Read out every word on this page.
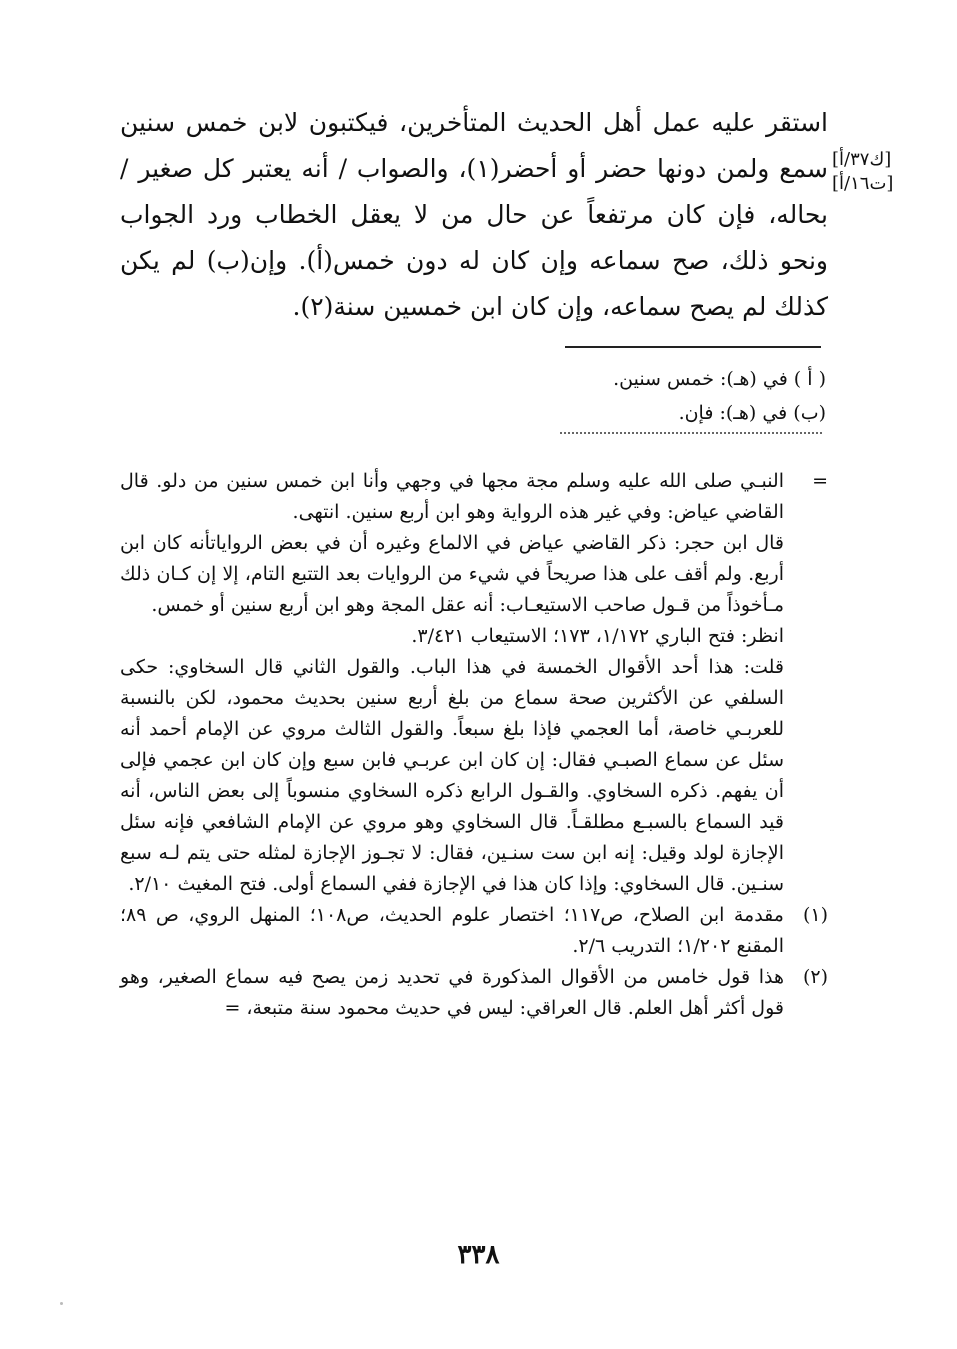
استقر عليه عمل أهل الحديث المتأخرين، فيكتبون لابن خمس سنين سمع ولمن دونها حضر أو أحضر(١)، والصواب / أنه يعتبر كل صغير / بحاله، فإن كان مرتفعاً عن حال من لا يعقل الخطاب ورد الجواب ونحو ذلك، صح سماعه وإن كان له دون خمس(أ). وإن(ب) لم يكن كذلك لم يصح سماعه، وإن كان ابن خمسين سنة(٢).

[ك٣٧/أ]
[ت١٦/أ]
( أ ) في (هـ): خمس سنين.
(ب) في (هـ): فإن.
=

النبـي صلى الله عليه وسلم مجة مجها في وجهي وأنا ابن خمس سنين من دلو. قال القاضي عياض: وفي غير هذه الرواية وهو ابن أربع سنين. انتهى.

قال ابن حجر: ذكر القاضي عياض في الالماع وغيره أن في بعض الرواياتأنه كان ابن أربع. ولم أقف على هذا صريحاً في شيء من الروايات بعد التتبع التام، إلا إن كـان ذلك مـأخوذاً من قـول صاحب الاستيعـاب: أنه عقل المجة وهو ابن أربع سنين أو خمس.

انظر: فتح الباري ١/١٧٢، ١٧٣؛ الاستيعاب ٣/٤٢١.

قلت: هذا أحد الأقوال الخمسة في هذا الباب. والقول الثاني قال السخاوي: حكى السلفي عن الأكثرين صحة سماع من بلغ أربع سنين بحديث محمود، لكن بالنسبة للعربـي خاصة، أما العجمي فإذا بلغ سبعاً. والقول الثالث مروي عن الإمام أحمد أنه سئل عن سماع الصبـي فقال: إن كان ابن عربـي فابن سبع وإن كان ابن عجمي فإلى أن يفهم. ذكره السخاوي. والقـول الرابع ذكره السخاوي منسوباً إلى بعض الناس، أنه قيد السماع بالسبـع مطلقـاً. قال السخاوي وهو مروي عن الإمام الشافعي فإنه سئل الإجازة لولد وقيل: إنه ابن ست سنـين، فقال: لا تجـوز الإجازة لمثله حتى يتم لـه سبع سنـين. قال السخاوي: وإذا كان هذا في الإجازة ففي السماع أولى. فتح المغيث ٢/١٠.

(١)

مقدمة ابن الصلاح، ص١١٧؛ اختصار علوم الحديث، ص١٠٨؛ المنهل الروي، ص ٨٩؛ المقنع ١/٢٠٢؛ التدريب ٢/٦.

(٢)

هذا قول خامس من الأقوال المذكورة في تحديد زمن يصح فيه سماع الصغير، وهو قول أكثر أهل العلم. قال العراقي: ليس في حديث محمود سنة متبعة، =

٣٣٨
